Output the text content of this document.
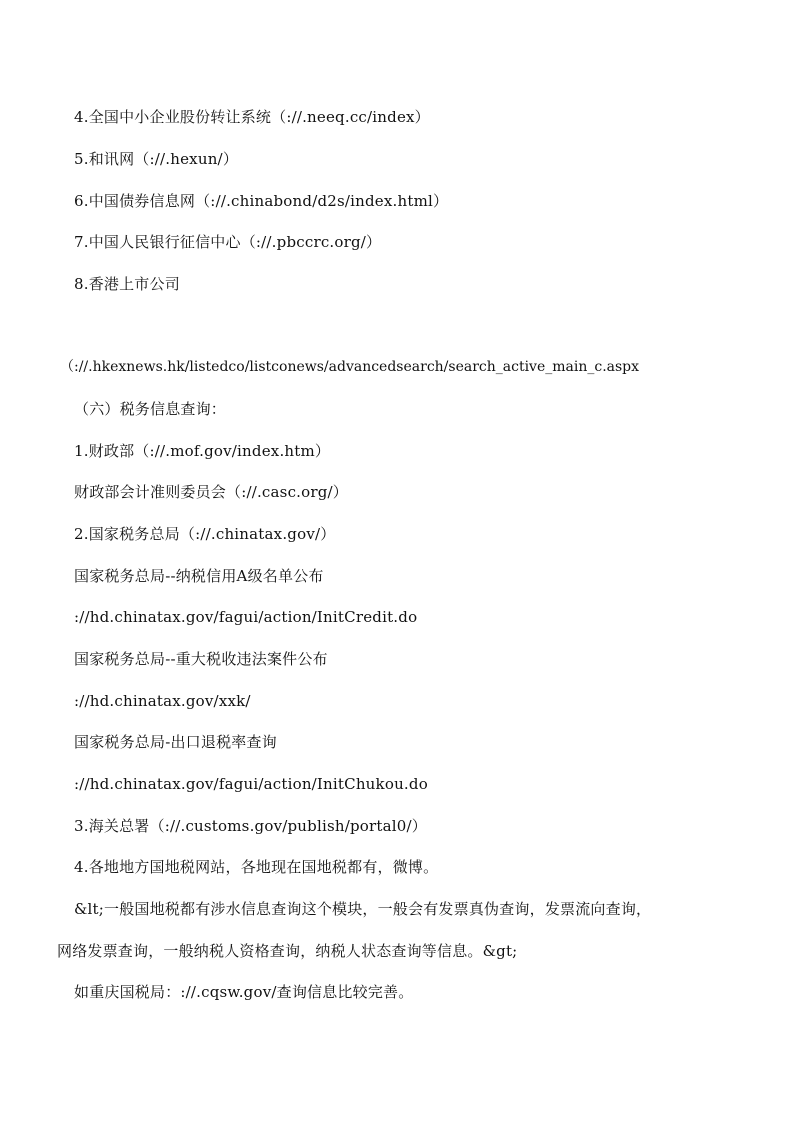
4.全国中小企业股份转让系统（://.neeq.cc/index）
5.和讯网（://.hexun/）
6.中国债券信息网（://.chinabond/d2s/index.html）
7.中国人民银行征信中心（://.pbccrc.org/）
8.香港上市公司
（://.hkexnews.hk/listedco/listconews/advancedsearch/search_active_main_c.aspx
（六）税务信息查询：
1.财政部（://.mof.gov/index.htm）
财政部会计准则委员会（://.casc.org/）
2.国家税务总局（://.chinatax.gov/）
国家税务总局--纳税信用A级名单公布
://hd.chinatax.gov/fagui/action/InitCredit.do
国家税务总局--重大税收违法案件公布
://hd.chinatax.gov/xxk/
国家税务总局-出口退税率查询
://hd.chinatax.gov/fagui/action/InitChukou.do
3.海关总署（://.customs.gov/publish/portal0/）
4.各地地方国地税网站，各地现在国地税都有，微博。
&lt;一般国地税都有涉水信息查询这个模块，一般会有发票真伪查询，发票流向查询，
网络发票查询，一般纳税人资格查询，纳税人状态查询等信息。&gt;
如重庆国税局：://.cqsw.gov/查询信息比较完善。
